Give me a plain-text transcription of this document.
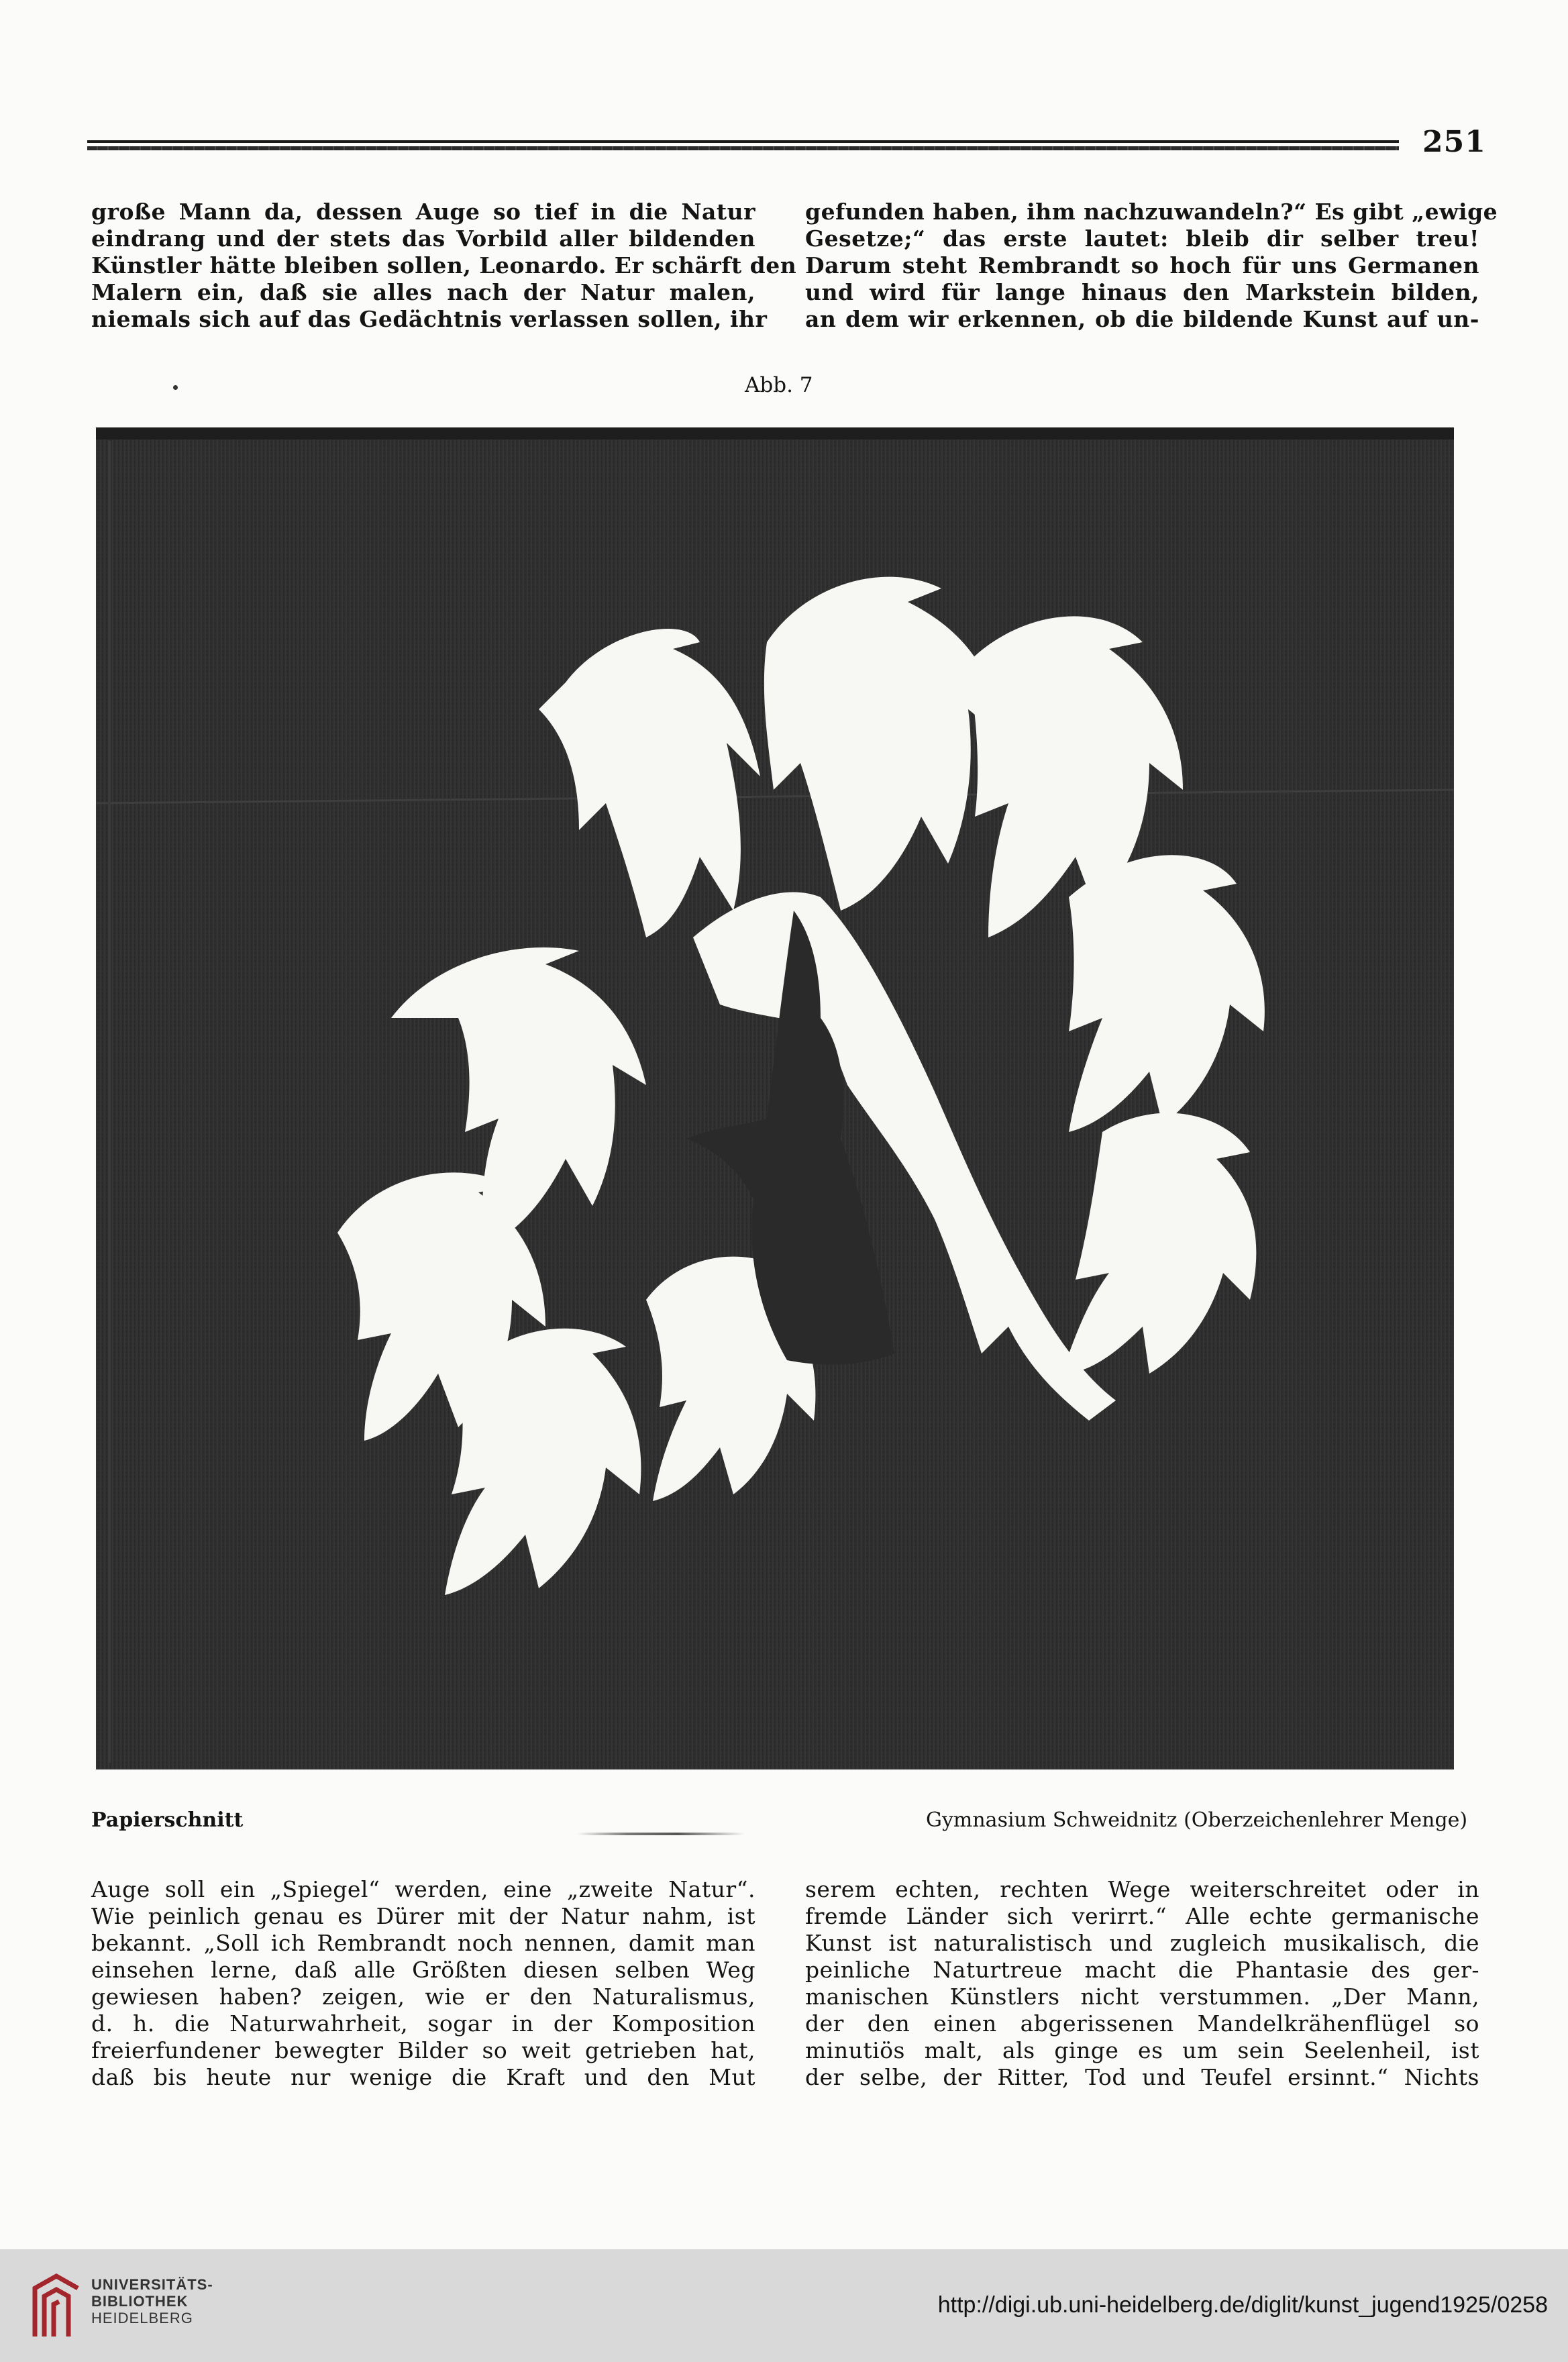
251
große Mann da, dessen Auge so tief in die Natur
eindrang und der stets das Vorbild aller bildenden
Künstler hätte bleiben sollen, Leonardo. Er schärft den
Malern ein, daß sie alles nach der Natur malen,
niemals sich auf das Gedächtnis verlassen sollen, ihr
gefunden haben, ihm nachzuwandeln?“ Es gibt „ewige
Gesetze;“ das erste lautet: bleib dir selber treu!
Darum steht Rembrandt so hoch für uns Germanen
und wird für lange hinaus den Markstein bilden,
an dem wir erkennen, ob die bildende Kunst auf un-
Abb. 7
Papierschnitt	Gymnasium Schweidnitz (Oberzeichenlehrer Menge)
Auge soll ein „Spiegel“ werden, eine „zweite Natur“.
Wie peinlich genau es Dürer mit der Natur nahm, ist
bekannt. „Soll ich Rembrandt noch nennen, damit man
einsehen lerne, daß alle Größten diesen selben Weg
gewiesen haben? zeigen, wie er den Naturalismus,
d. h. die Naturwahrheit, sogar in der Komposition
freierfundener bewegter Bilder so weit getrieben hat,
daß bis heute nur wenige die Kraft und den Mut
serem echten, rechten Wege weiterschreitet oder in
fremde Länder sich verirrt.“ Alle echte germanische
Kunst ist naturalistisch und zugleich musikalisch, die
peinliche Naturtreue macht die Phantasie des ger-
manischen Künstlers nicht verstummen. „Der Mann,
der den einen abgerissenen Mandelkrähenflügel so
minutiös malt, als ginge es um sein Seelenheil, ist
der selbe, der Ritter, Tod und Teufel ersinnt.“ Nichts
UNIVERSITÄTS-
BIBLIOTHEK
HEIDELBERG
http://digi.ub.uni-heidelberg.de/diglit/kunst_jugend1925/0258
